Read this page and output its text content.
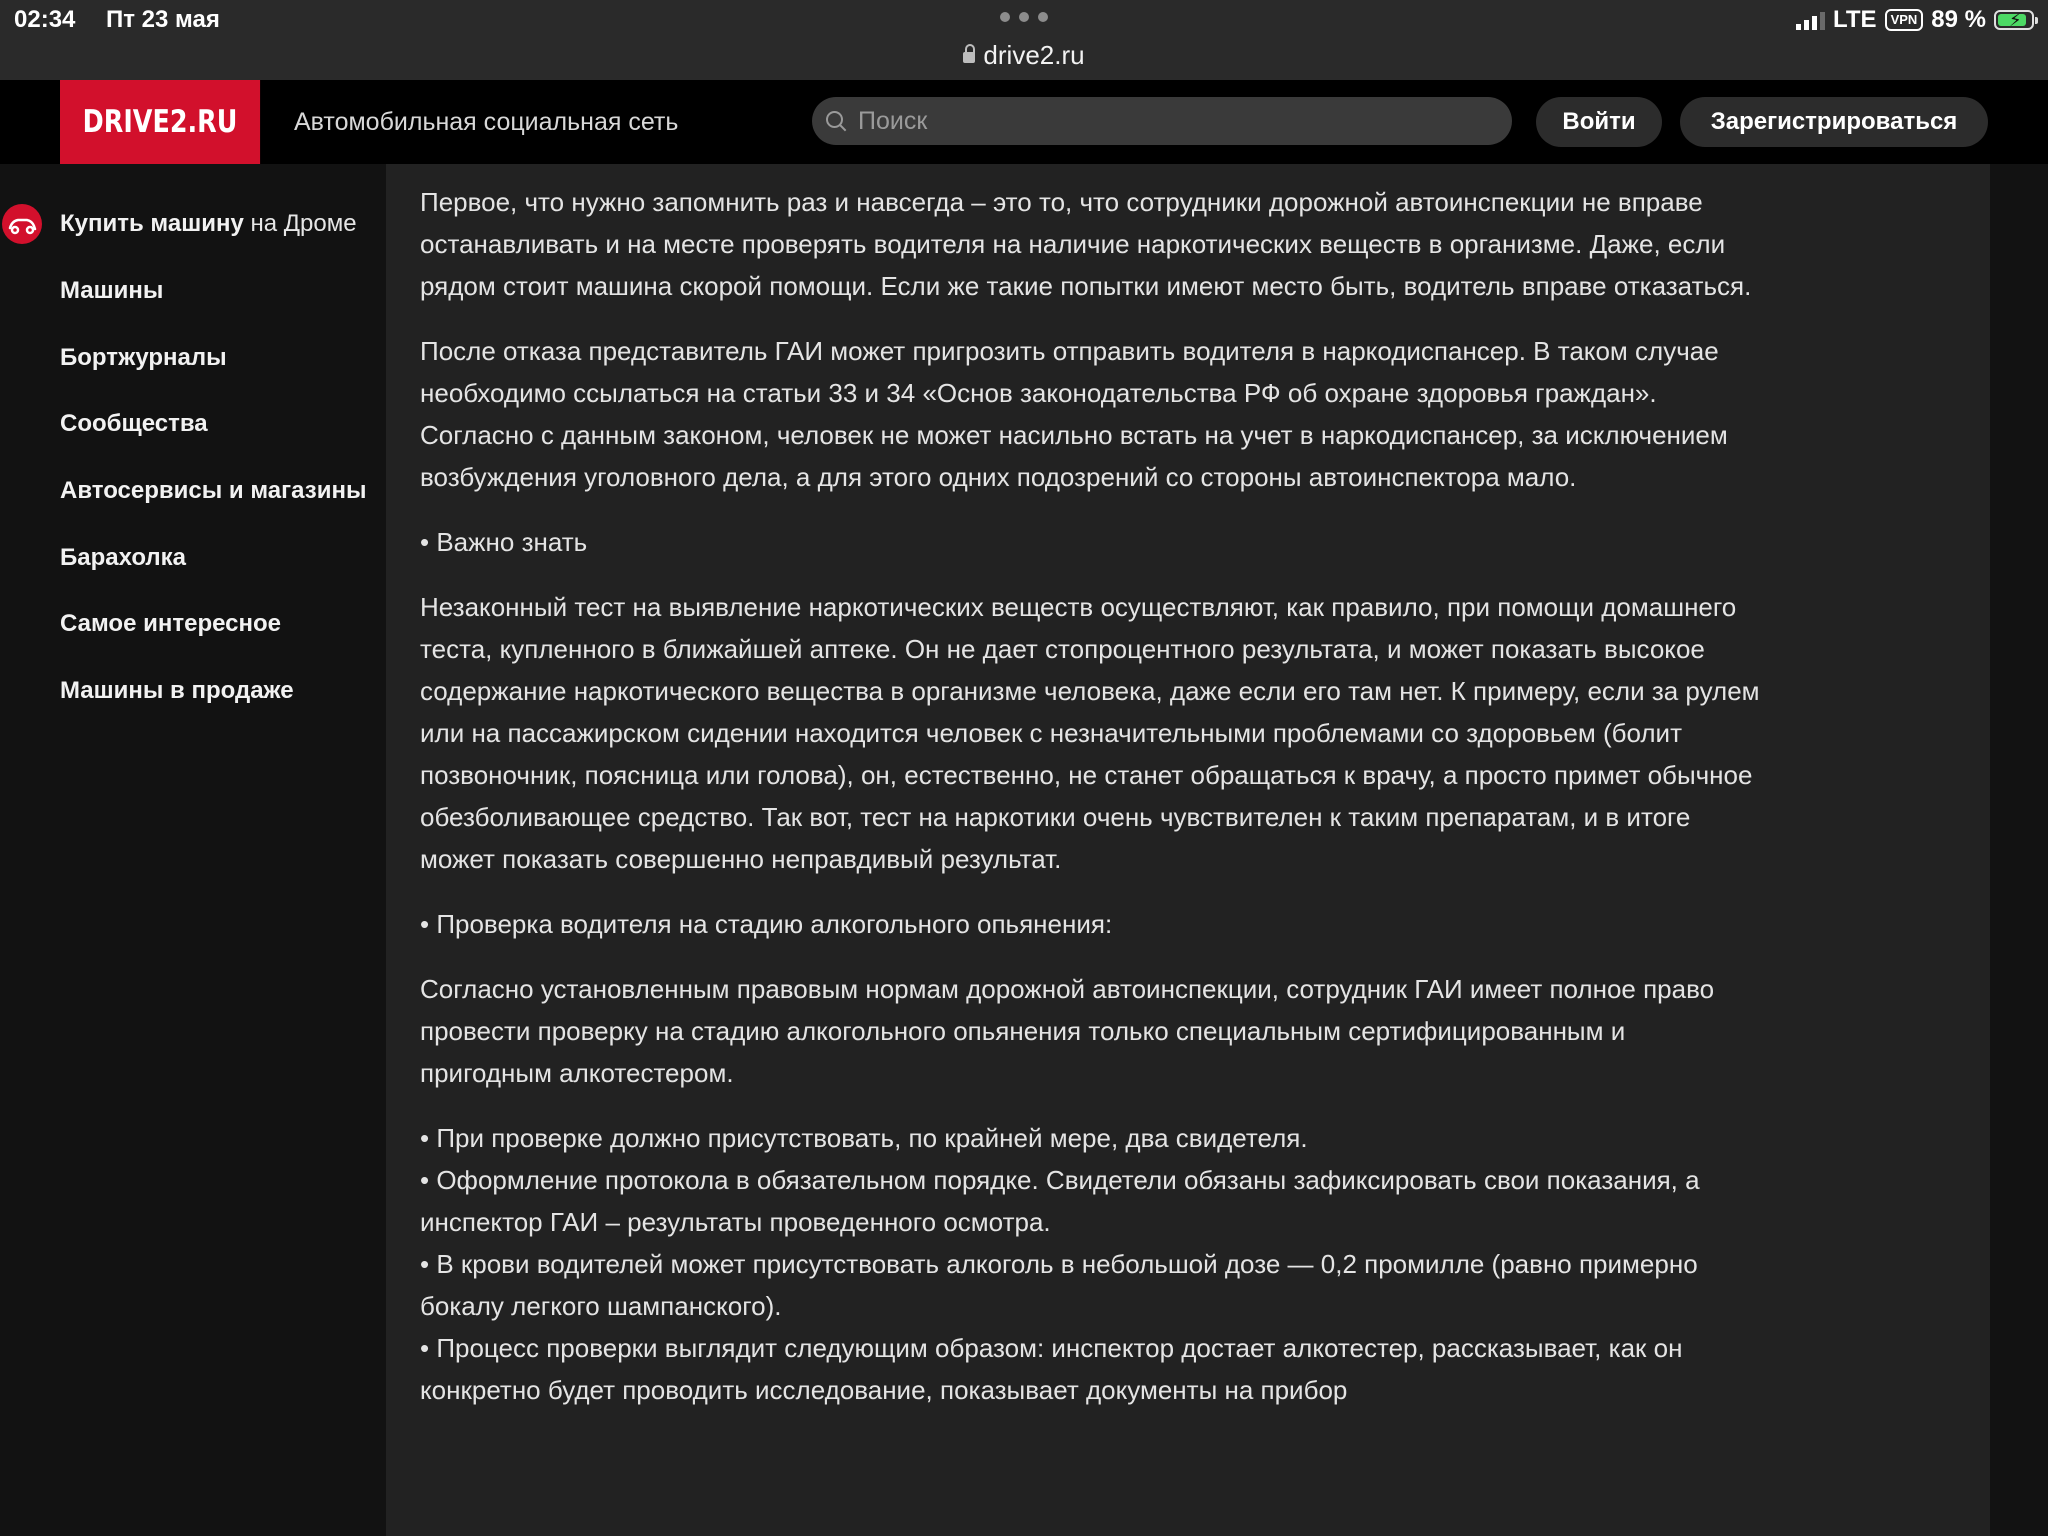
02:34 Пт 23 мая
drive2.ru
LTE	VPN 89 % ⚡
DRIVE2.RU	Автомобильная социальная сеть
Поиск	Войти	Зарегистрироваться
Купить машину на Дроме
Машины
Бортжурналы
Сообщества
Автосервисы и магазины
Барахолка
Самое интересное
Машины в продаже

Первое, что нужно запомнить раз и навсегда – это то, что сотрудники дорожной автоинспекции не вправе останавливать и на месте проверять водителя на наличие наркотических веществ в организме. Даже, если рядом стоит машина скорой помощи. Если же такие попытки имеют место быть, водитель вправе отказаться.

После отказа представитель ГАИ может пригрозить отправить водителя в наркодиспансер. В таком случае необходимо ссылаться на статьи 33 и 34 «Основ законодательства РФ об охране здоровья граждан». Согласно с данным законом, человек не может насильно встать на учет в наркодиспансер, за исключением возбуждения уголовного дела, а для этого одних подозрений со стороны автоинспектора мало.

• Важно знать

Незаконный тест на выявление наркотических веществ осуществляют, как правило, при помощи домашнего теста, купленного в ближайшей аптеке. Он не дает стопроцентного результата, и может показать высокое содержание наркотического вещества в организме человека, даже если его там нет. К примеру, если за рулем или на пассажирском сидении находится человек с незначительными проблемами со здоровьем (болит позвоночник, поясница или голова), он, естественно, не станет обращаться к врачу, а просто примет обычное обезболивающее средство. Так вот, тест на наркотики очень чувствителен к таким препаратам, и в итоге может показать совершенно неправдивый результат.

• Проверка водителя на стадию алкогольного опьянения:

Согласно установленным правовым нормам дорожной автоинспекции, сотрудник ГАИ имеет полное право провести проверку на стадию алкогольного опьянения только специальным сертифицированным и пригодным алкотестером.

• При проверке должно присутствовать, по крайней мере, два свидетеля.

• Оформление протокола в обязательном порядке. Свидетели обязаны зафиксировать свои показания, а инспектор ГАИ – результаты проведенного осмотра.

• В крови водителей может присутствовать алкоголь в небольшой дозе — 0,2 промилле (равно примерно бокалу легкого шампанского).

• Процесс проверки выглядит следующим образом: инспектор достает алкотестер, рассказывает, как он конкретно будет проводить исследование, показывает документы на прибор
